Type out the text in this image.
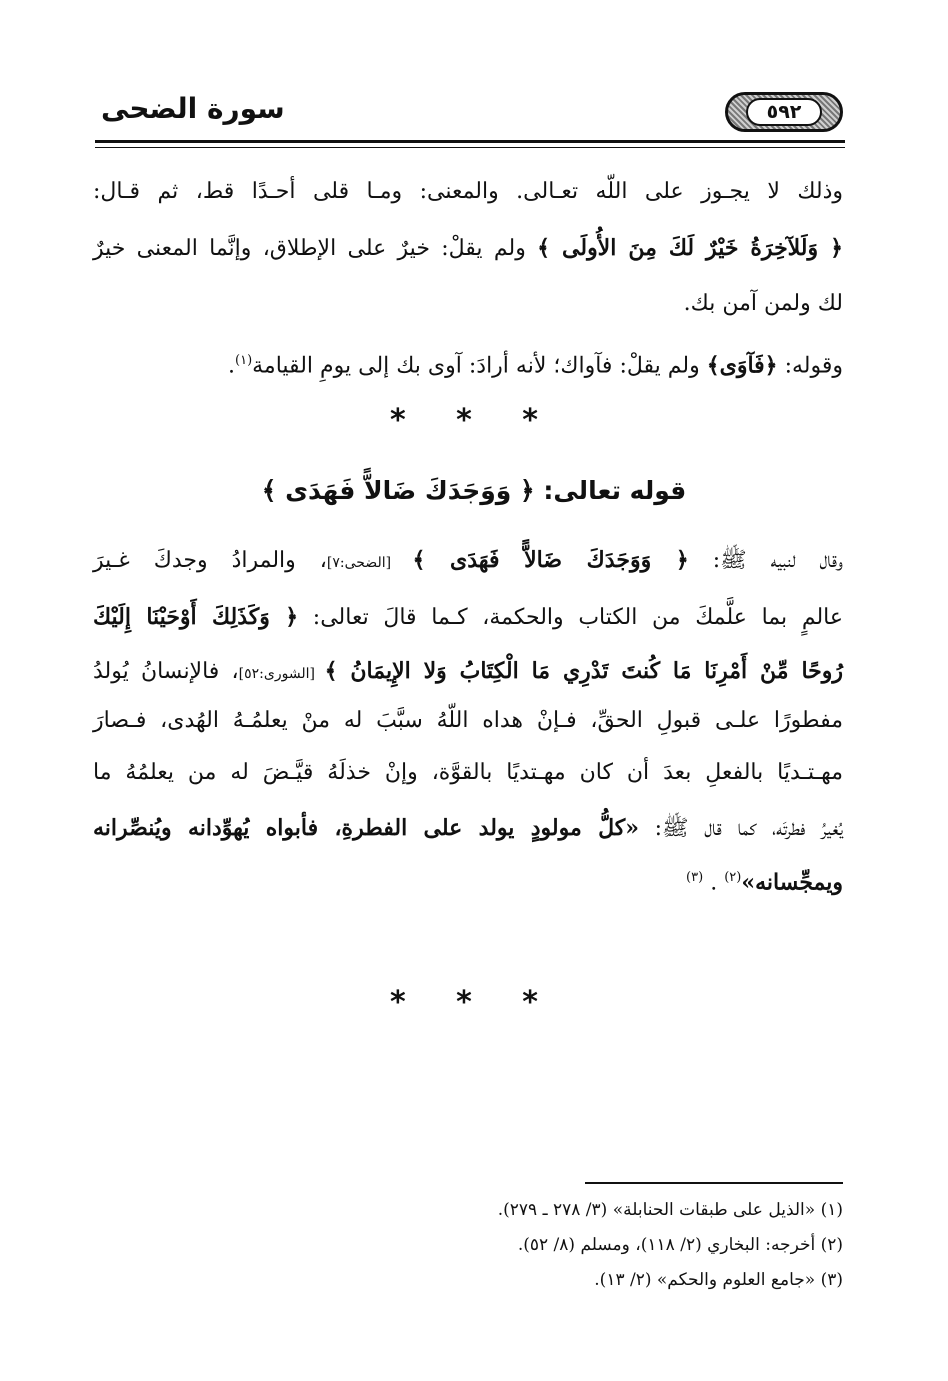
سورة الضحى	٥٩٢
وذلك لا يجـوز على اللّه تعـالى. والمعنى: ومـا قلى أحـدًا قط، ثم قـال:
﴿ وَلَلآخِرَةُ خَيْرٌ لَكَ مِنَ الأُولَى ﴾ ولم يقلْ: خيرٌ على الإطلاق، وإنَّما المعنى خيرٌ
لك ولمن آمن بك.
وقوله: ﴿فَآوَى﴾ ولم يقلْ: فآواك؛ لأنه أرادَ: آوى بك إلى يومِ القيامة$^{(١)}$.
* * *
قوله تعالى: ﴿ وَوَجَدَكَ ضَالاًّ فَهَدَى ﴾
وقال لنبيه ﷺ: ﴿ وَوَجَدَكَ ضَالاًّ فَهَدَى ﴾ [الضحى:٧]، والمرادُ وجدكَ غـيرَ
عالمٍ بما علَّمكَ من الكتاب والحكمة، كـما قالَ تعالى: ﴿ وَكَذَلِكَ أَوْحَيْنَا إِلَيْكَ
رُوحًا مِّنْ أَمْرِنَا مَا كُنتَ تَدْرِي مَا الْكِتَابُ وَلا الإِيمَانُ ﴾ [الشورى:٥٢]، فالإنسانُ يُولدُ
مفطورًا علـى قبولِ الحقِّ، فـإنْ هداه اللّهُ سبَّبَ له منْ يعلمُـهُ الهُدى، فـصارَ
مهـتـديًا بالفعلِ بعدَ أن كان مهـتديًا بالقوَّة، وإنْ خذلَهُ قيَّـضَ له من يعلمُهُ ما
يُغيرُ فطرتَه، كما قال ﷺ: «كلُّ مولودٍ يولد على الفطرةِ، فأبواه يُهوِّدانه ويُنصِّرانه
ويمجِّسانه»$^{(٢)}$ . $^{(٣)}$
* * *
(١) «الذيل على طبقات الحنابلة» (٣/ ٢٧٨ ـ ٢٧٩).
(٢) أخرجه: البخاري (٢/ ١١٨)، ومسلم (٨/ ٥٢).
(٣) «جامع العلوم والحكم» (٢/ ١٣).
